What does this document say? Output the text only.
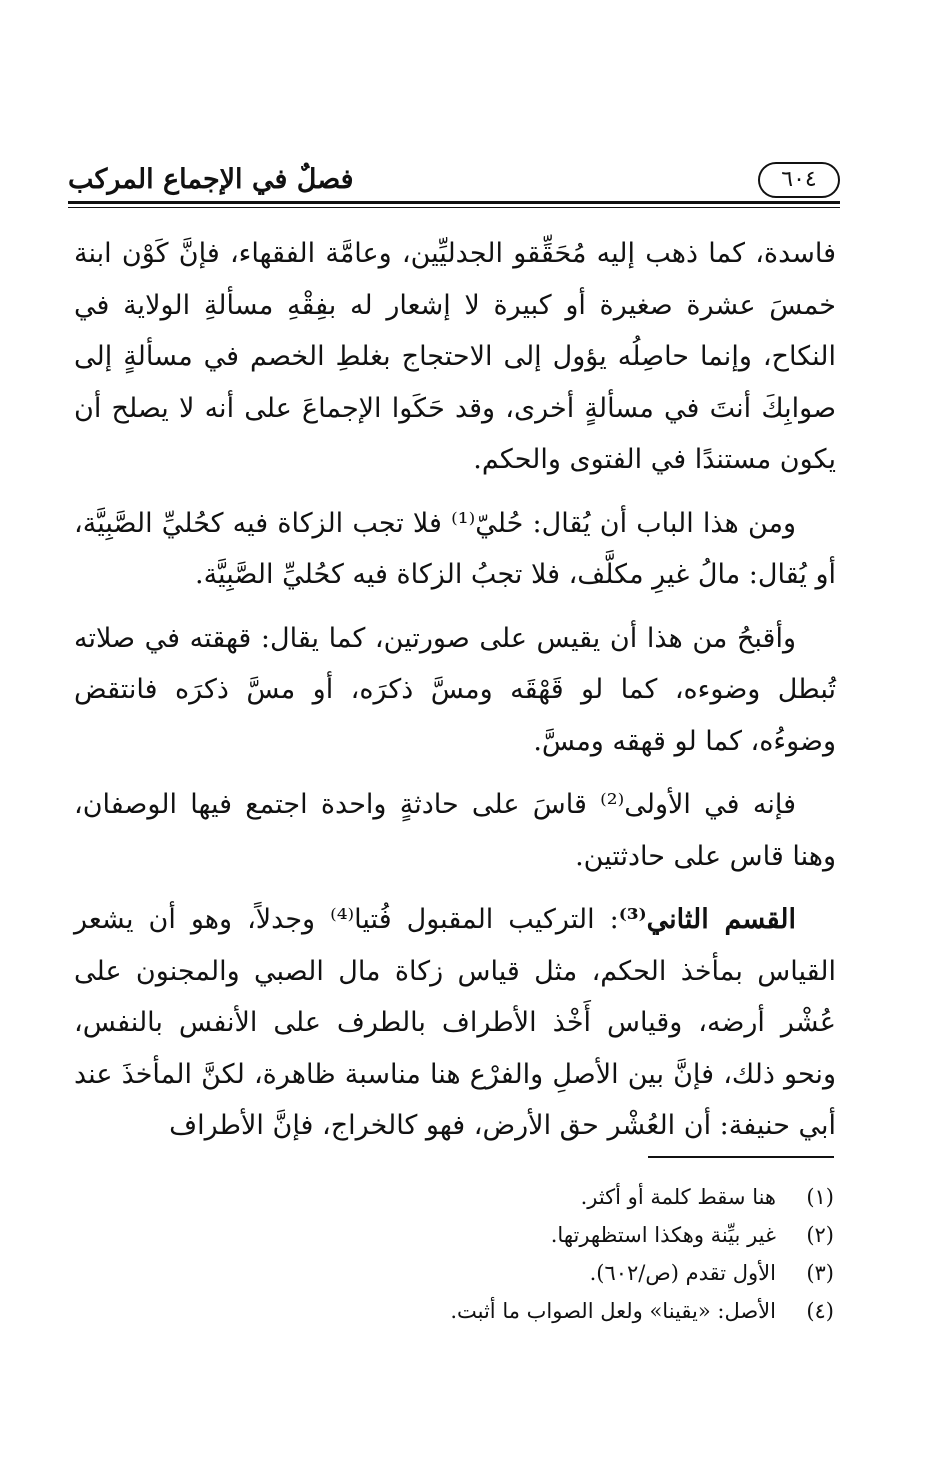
٦٠٤
فصلٌ في الإجماع المركب

فاسدة، كما ذهب إليه مُحَقِّقو الجدليِّين، وعامَّة الفقهاء، فإنَّ كَوْن ابنة خمسَ عشرة صغيرة أو كبيرة لا إشعار له بفِقْهِ مسألةِ الولاية في النكاح، وإنما حاصِلُه يؤول إلى الاحتجاج بغلطِ الخصم في مسألةٍ إلى صوابِكَ أنتَ في مسألةٍ أخرى، وقد حَكَوا الإجماعَ على أنه لا يصلح أن يكون مستندًا في الفتوى والحكم.

ومن هذا الباب أن يُقال: حُليّ⁽¹⁾ فلا تجب الزكاة فيه كحُليِّ الصَّبِيَّة، أو يُقال: مالُ غيرِ مكلَّف، فلا تجبُ الزكاة فيه كحُليِّ الصَّبِيَّة.

وأقبحُ من هذا أن يقيس على صورتين، كما يقال: قهقته في صلاته تُبطل وضوءه، كما لو قَهْقَه ومسَّ ذكرَه، أو مسَّ ذكرَه فانتقض وضوءُه، كما لو قهقه ومسَّ.

فإنه في الأولى⁽²⁾ قاسَ على حادثةٍ واحدة اجتمع فيها الوصفان، وهنا قاس على حادثتين.

القسم الثاني⁽³⁾: التركيب المقبول فُتيا⁽⁴⁾ وجدلاً، وهو أن يشعر القياس بمأخذ الحكم، مثل قياس زكاة مال الصبي والمجنون على عُشْر أرضه، وقياس أَخْذ الأطراف بالطرف على الأنفس بالنفس، ونحو ذلك، فإنَّ بين الأصلِ والفرْع هنا مناسبة ظاهرة، لكنَّ المأخذَ عند أبي حنيفة: أن العُشْر حق الأرض، فهو كالخراج، فإنَّ الأطراف

(١)
هنا سقط كلمة أو أكثر.
(٢)
غير بيِّنة وهكذا استظهرتها.
(٣)
الأول تقدم (ص/٦٠٢).
(٤)
الأصل: «يقينا» ولعل الصواب ما أثبت.
